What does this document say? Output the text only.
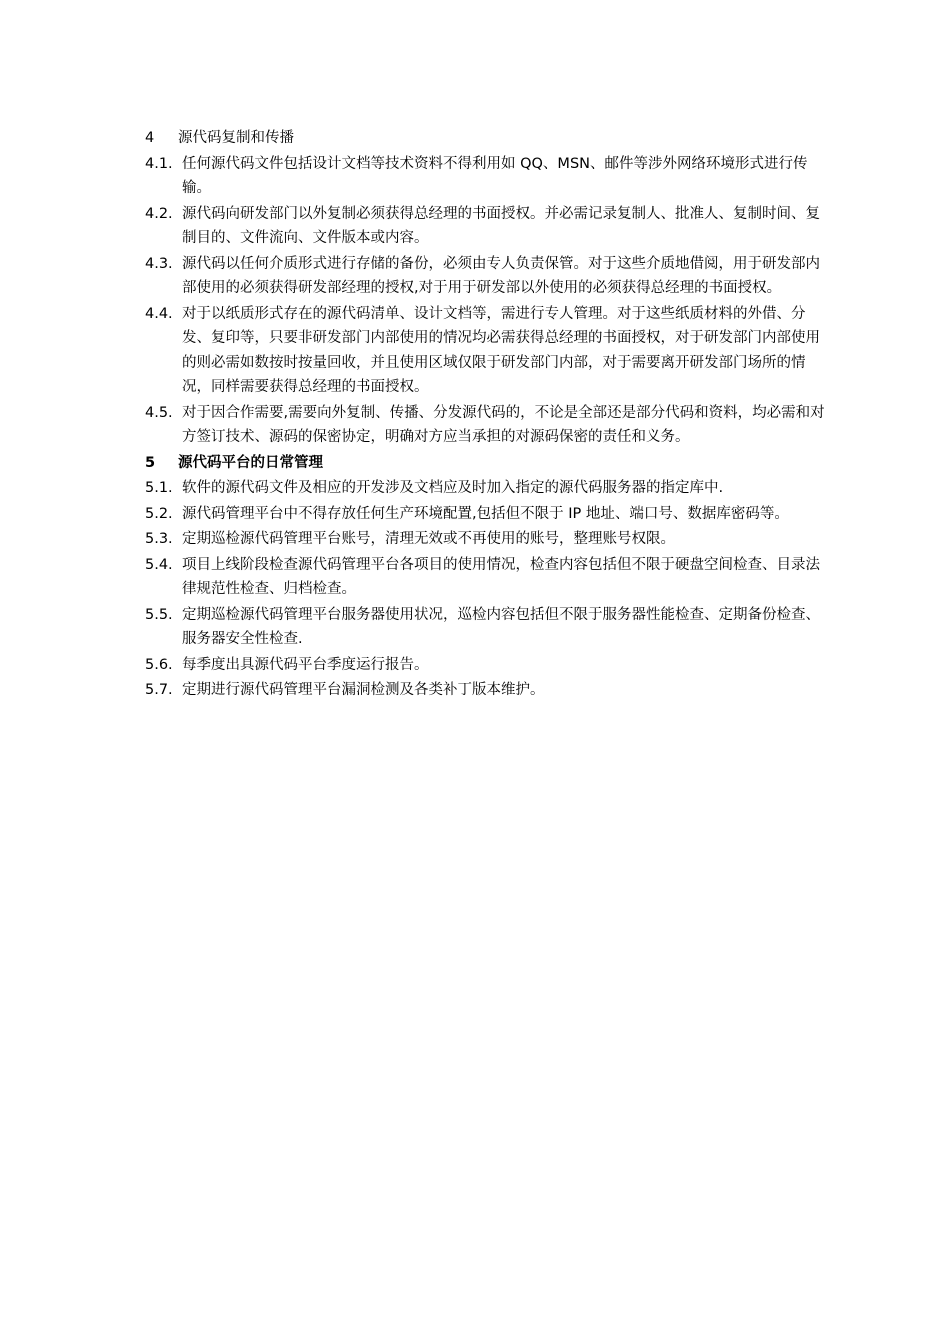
4	源代码复制和传播
4.1. 任何源代码文件包括设计文档等技术资料不得利用如 QQ、MSN、邮件等涉外网络环境形式进行传输。
4.2. 源代码向研发部门以外复制必须获得总经理的书面授权。并必需记录复制人、批准人、复制时间、复制目的、文件流向、文件版本或内容。
4.3. 源代码以任何介质形式进行存储的备份，必须由专人负责保管。对于这些介质地借阅，用于研发部内部使用的必须获得研发部经理的授权,对于用于研发部以外使用的必须获得总经理的书面授权。
4.4. 对于以纸质形式存在的源代码清单、设计文档等，需进行专人管理。对于这些纸质材料的外借、分发、复印等，只要非研发部门内部使用的情况均必需获得总经理的书面授权，对于研发部门内部使用的则必需如数按时按量回收，并且使用区域仅限于研发部门内部，对于需要离开研发部门场所的情况，同样需要获得总经理的书面授权。
4.5. 对于因合作需要,需要向外复制、传播、分发源代码的，不论是全部还是部分代码和资料，均必需和对方签订技术、源码的保密协定，明确对方应当承担的对源码保密的责任和义务。
5	源代码平台的日常管理
5.1. 软件的源代码文件及相应的开发涉及文档应及时加入指定的源代码服务器的指定库中.
5.2. 源代码管理平台中不得存放任何生产环境配置,包括但不限于 IP 地址、端口号、数据库密码等。
5.3. 定期巡检源代码管理平台账号，清理无效或不再使用的账号，整理账号权限。
5.4. 项目上线阶段检查源代码管理平台各项目的使用情况，检查内容包括但不限于硬盘空间检查、目录法律规范性检查、归档检查。
5.5. 定期巡检源代码管理平台服务器使用状况，巡检内容包括但不限于服务器性能检查、定期备份检查、服务器安全性检查.
5.6. 每季度出具源代码平台季度运行报告。
5.7. 定期进行源代码管理平台漏洞检测及各类补丁版本维护。
